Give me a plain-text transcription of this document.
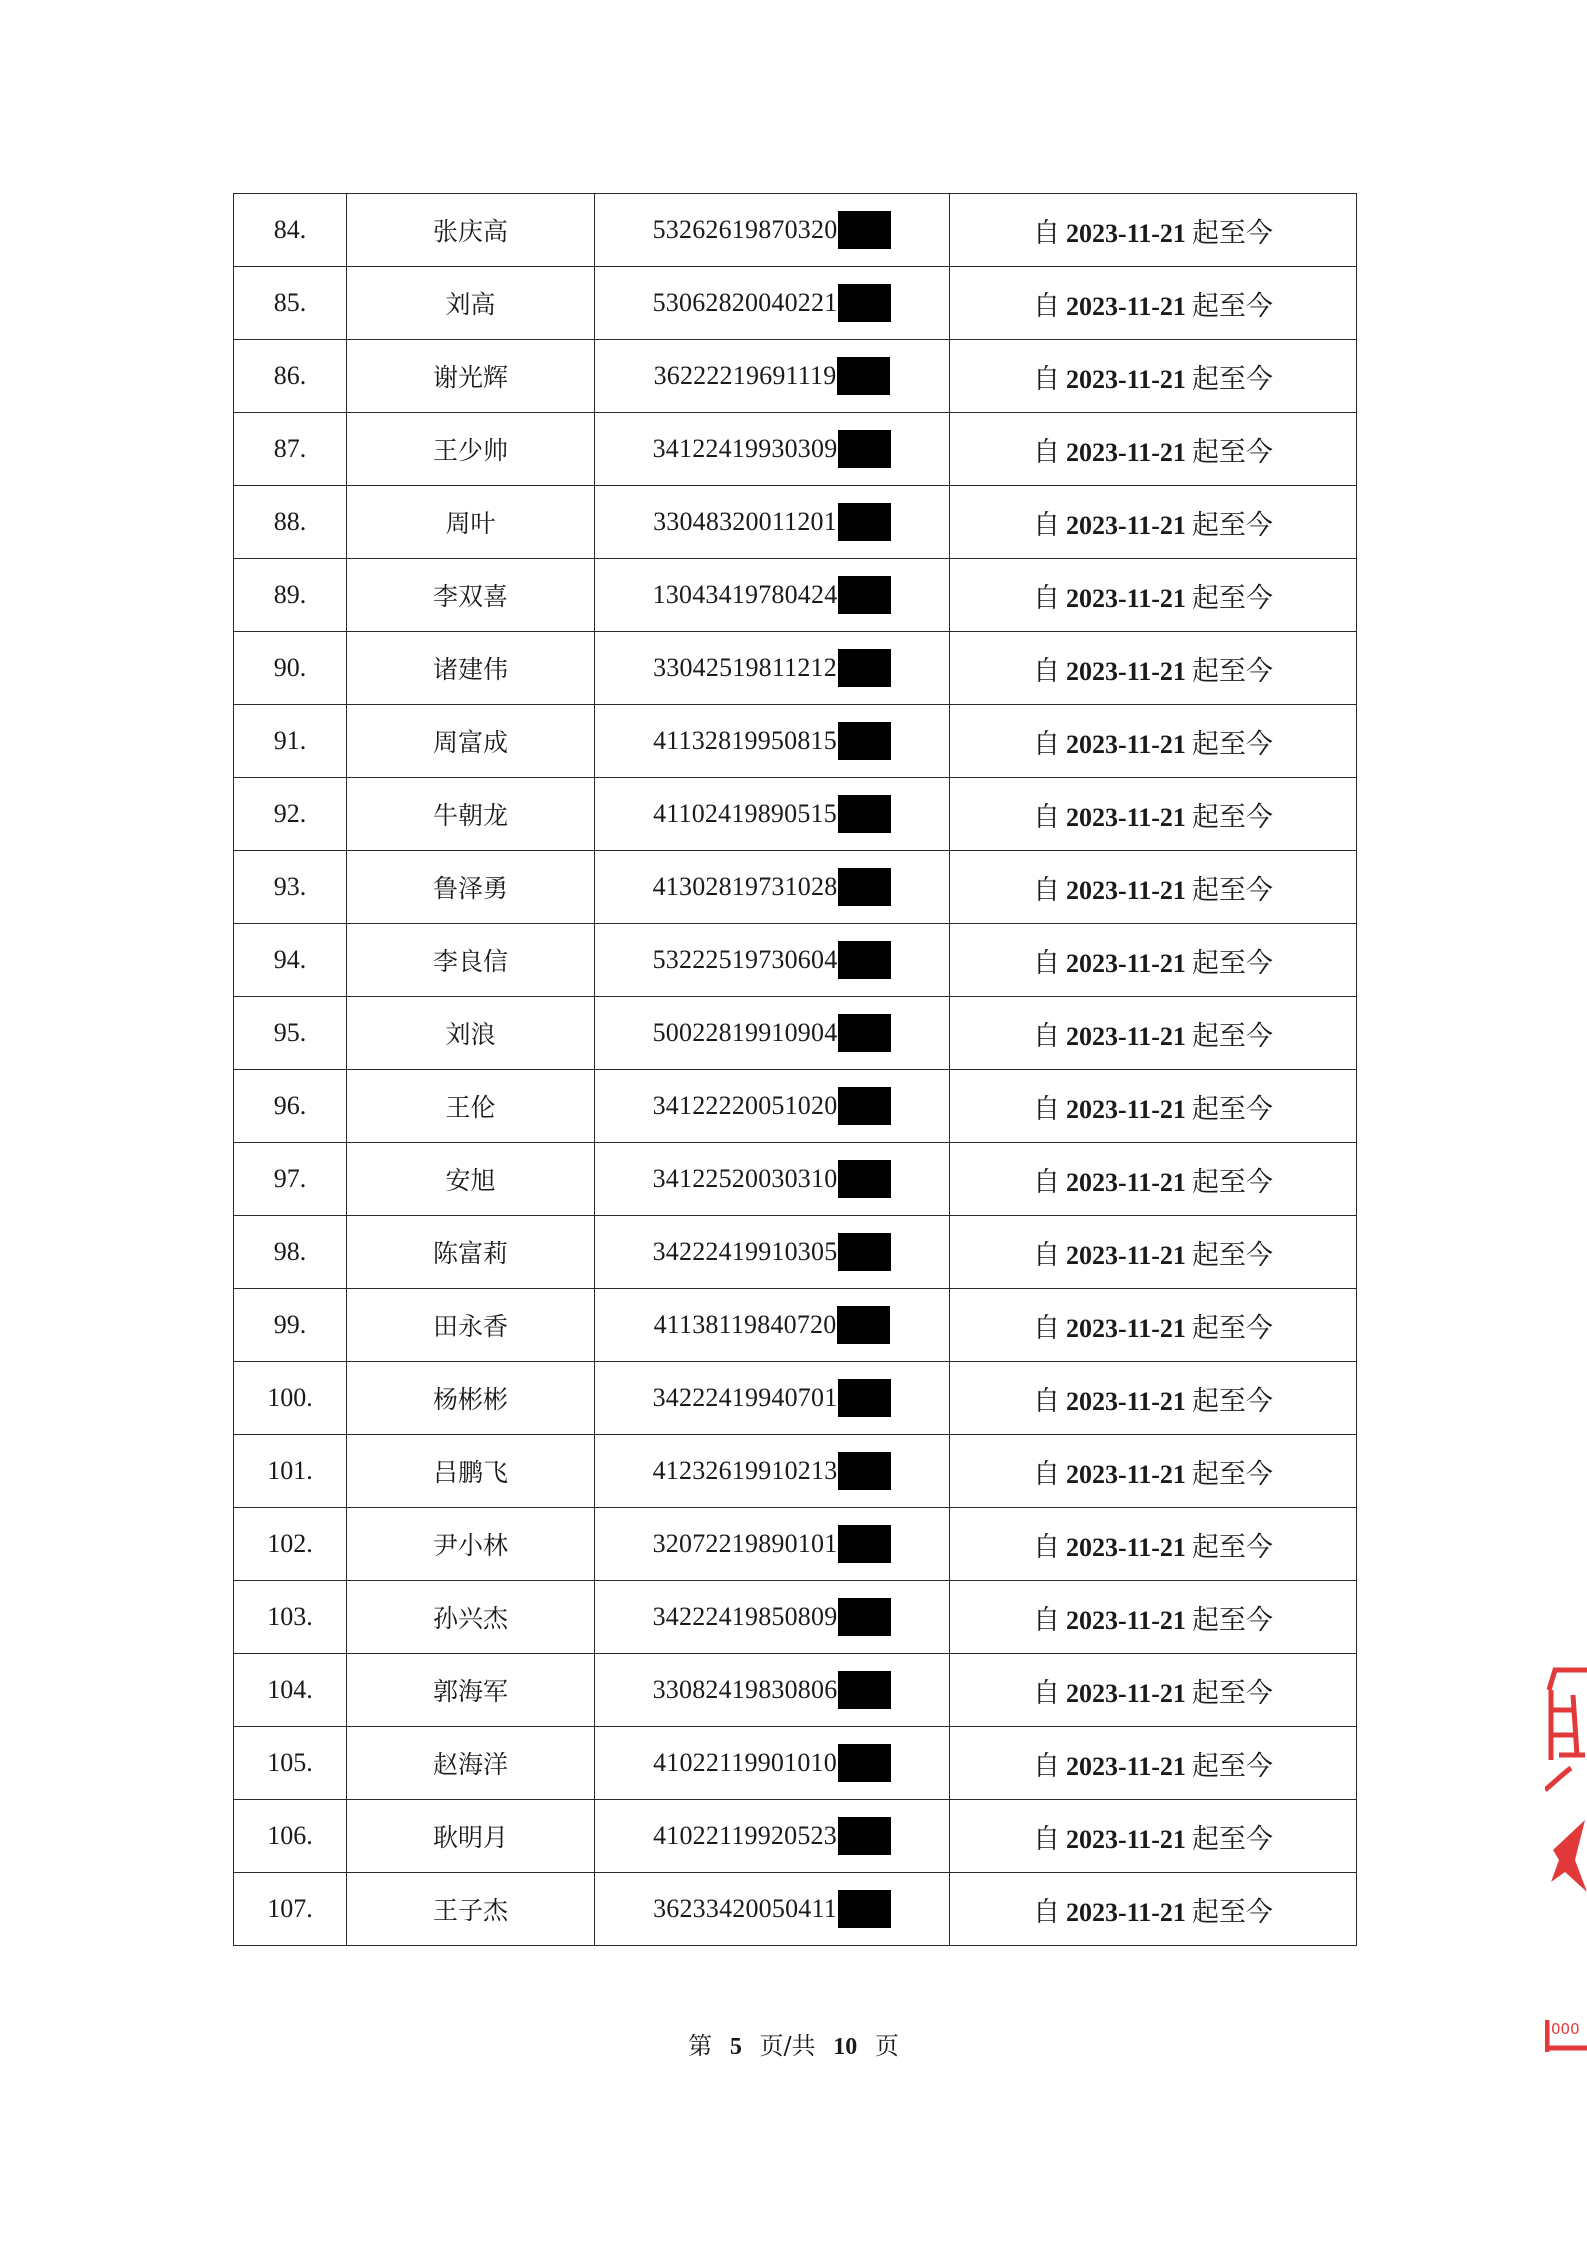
84.	张庆高	53262619870320	自 2023-11-21 起至今
85.	刘高	53062820040221	自 2023-11-21 起至今
86.	谢光辉	36222219691119	自 2023-11-21 起至今
87.	王少帅	34122419930309	自 2023-11-21 起至今
88.	周叶	33048320011201	自 2023-11-21 起至今
89.	李双喜	13043419780424	自 2023-11-21 起至今
90.	诸建伟	33042519811212	自 2023-11-21 起至今
91.	周富成	41132819950815	自 2023-11-21 起至今
92.	牛朝龙	41102419890515	自 2023-11-21 起至今
93.	鲁泽勇	41302819731028	自 2023-11-21 起至今
94.	李良信	53222519730604	自 2023-11-21 起至今
95.	刘浪	50022819910904	自 2023-11-21 起至今
96.	王伦	34122220051020	自 2023-11-21 起至今
97.	安旭	34122520030310	自 2023-11-21 起至今
98.	陈富莉	34222419910305	自 2023-11-21 起至今
99.	田永香	41138119840720	自 2023-11-21 起至今
100.	杨彬彬	34222419940701	自 2023-11-21 起至今
101.	吕鹏飞	41232619910213	自 2023-11-21 起至今
102.	尹小林	32072219890101	自 2023-11-21 起至今
103.	孙兴杰	34222419850809	自 2023-11-21 起至今
104.	郭海军	33082419830806	自 2023-11-21 起至今
105.	赵海洋	41022119901010	自 2023-11-21 起至今
106.	耿明月	41022119920523	自 2023-11-21 起至今
107.	王子杰	36233420050411	自 2023-11-21 起至今
第 5 页/共 10 页
000
